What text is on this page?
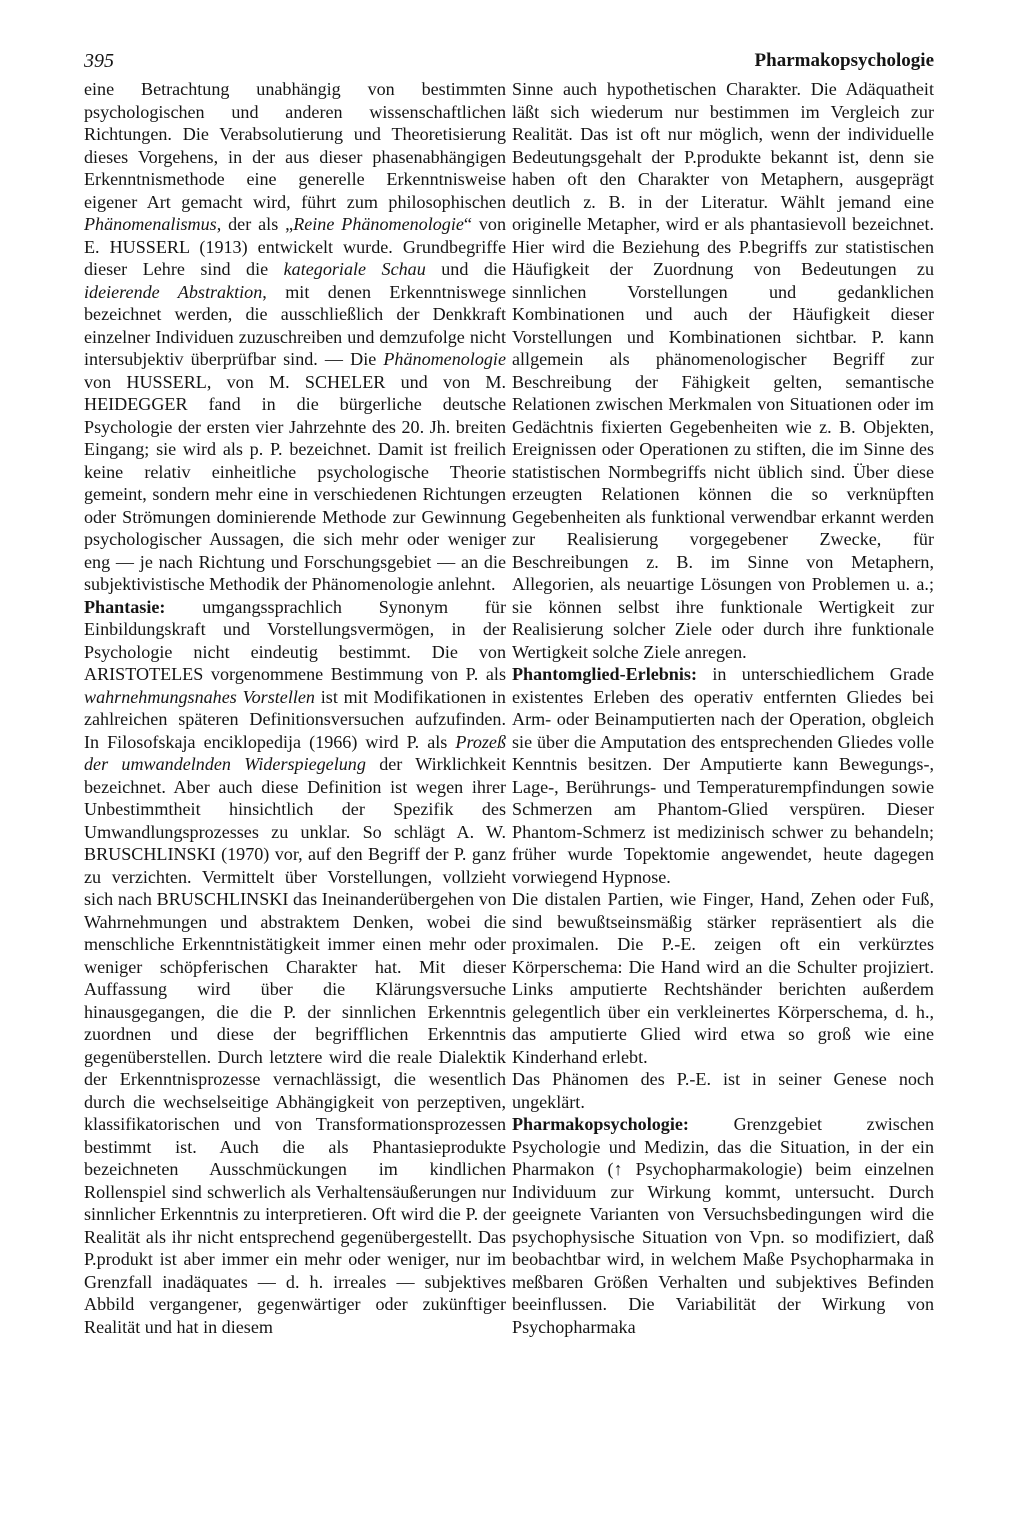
395	Pharmakopsychologie

eine Betrachtung unabhängig von bestimmten psychologischen und anderen wissenschaftlichen Richtungen. Die Verabsolutierung und Theoretisierung dieses Vorgehens, in der aus dieser phasenabhängigen Erkenntnismethode eine generelle Erkenntnisweise eigener Art gemacht wird, führt zum philosophischen Phänomenalismus, der als „Reine Phänomenologie“ von E. HUSSERL (1913) entwickelt wurde. Grundbegriffe dieser Lehre sind die kategoriale Schau und die ideierende Abstraktion, mit denen Erkenntniswege bezeichnet werden, die ausschließlich der Denkkraft einzelner Individuen zuzuschreiben und demzufolge nicht intersubjektiv überprüfbar sind. — Die Phänomenologie von HUSSERL, von M. SCHELER und von M. HEIDEGGER fand in die bürgerliche deutsche Psychologie der ersten vier Jahrzehnte des 20. Jh. breiten Eingang; sie wird als p. P. bezeichnet. Damit ist freilich keine relativ einheitliche psychologische Theorie gemeint, sondern mehr eine in verschiedenen Richtungen oder Strömungen dominierende Methode zur Gewinnung psychologischer Aussagen, die sich mehr oder weniger eng — je nach Richtung und Forschungsgebiet — an die subjektivistische Methodik der Phänomenologie anlehnt.

Phantasie: umgangssprachlich Synonym für Einbildungskraft und Vorstellungsvermögen, in der Psychologie nicht eindeutig bestimmt. Die von ARISTOTELES vorgenommene Bestimmung von P. als wahrnehmungsnahes Vorstellen ist mit Modifikationen in zahlreichen späteren Definitionsversuchen aufzufinden. In Filosofskaja enciklopedija (1966) wird P. als Prozeß der umwandelnden Widerspiegelung der Wirklichkeit bezeichnet. Aber auch diese Definition ist wegen ihrer Unbestimmtheit hinsichtlich der Spezifik des Umwandlungsprozesses zu unklar. So schlägt A. W. BRUSCHLINSKI (1970) vor, auf den Begriff der P. ganz zu verzichten. Vermittelt über Vorstellungen, vollzieht sich nach BRUSCHLINSKI das Ineinanderübergehen von Wahrnehmungen und abstraktem Denken, wobei die menschliche Erkenntnistätigkeit immer einen mehr oder weniger schöpferischen Charakter hat. Mit dieser Auffassung wird über die Klärungsversuche hinausgegangen, die die P. der sinnlichen Erkenntnis zuordnen und diese der begrifflichen Erkenntnis gegenüberstellen. Durch letztere wird die reale Dialektik der Erkenntnisprozesse vernachlässigt, die wesentlich durch die wechselseitige Abhängigkeit von perzeptiven, klassifikatorischen und von Transformationsprozessen bestimmt ist. Auch die als Phantasieprodukte bezeichneten Ausschmückungen im kindlichen Rollenspiel sind schwerlich als Verhaltensäußerungen nur sinnlicher Erkenntnis zu interpretieren. Oft wird die P. der Realität als ihr nicht entsprechend gegenübergestellt. Das P.produkt ist aber immer ein mehr oder weniger, nur im Grenzfall inadäquates — d. h. irreales — subjektives Abbild vergangener, gegenwärtiger oder zukünftiger Realität und hat in diesem

Sinne auch hypothetischen Charakter. Die Adäquatheit läßt sich wiederum nur bestimmen im Vergleich zur Realität. Das ist oft nur möglich, wenn der individuelle Bedeutungsgehalt der P.produkte bekannt ist, denn sie haben oft den Charakter von Metaphern, ausgeprägt deutlich z. B. in der Literatur. Wählt jemand eine originelle Metapher, wird er als phantasievoll bezeichnet. Hier wird die Beziehung des P.begriffs zur statistischen Häufigkeit der Zuordnung von Bedeutungen zu sinnlichen Vorstellungen und gedanklichen Kombinationen und auch der Häufigkeit dieser Vorstellungen und Kombinationen sichtbar. P. kann allgemein als phänomenologischer Begriff zur Beschreibung der Fähigkeit gelten, semantische Relationen zwischen Merkmalen von Situationen oder im Gedächtnis fixierten Gegebenheiten wie z. B. Objekten, Ereignissen oder Operationen zu stiften, die im Sinne des statistischen Normbegriffs nicht üblich sind. Über diese erzeugten Relationen können die so verknüpften Gegebenheiten als funktional verwendbar erkannt werden zur Realisierung vorgegebener Zwecke, für Beschreibungen z. B. im Sinne von Metaphern, Allegorien, als neuartige Lösungen von Problemen u. a.; sie können selbst ihre funktionale Wertigkeit zur Realisierung solcher Ziele oder durch ihre funktionale Wertigkeit solche Ziele anregen.

Phantomglied-Erlebnis: in unterschiedlichem Grade existentes Erleben des operativ entfernten Gliedes bei Arm- oder Beinamputierten nach der Operation, obgleich sie über die Amputation des entsprechenden Gliedes volle Kenntnis besitzen. Der Amputierte kann Bewegungs-, Lage-, Berührungs- und Temperaturempfindungen sowie Schmerzen am Phantom-Glied verspüren. Dieser Phantom-Schmerz ist medizinisch schwer zu behandeln; früher wurde Topektomie angewendet, heute dagegen vorwiegend Hypnose.

Die distalen Partien, wie Finger, Hand, Zehen oder Fuß, sind bewußtseinsmäßig stärker repräsentiert als die proximalen. Die P.-E. zeigen oft ein verkürztes Körperschema: Die Hand wird an die Schulter projiziert. Links amputierte Rechtshänder berichten außerdem gelegentlich über ein verkleinertes Körperschema, d. h., das amputierte Glied wird etwa so groß wie eine Kinderhand erlebt.

Das Phänomen des P.-E. ist in seiner Genese noch ungeklärt.

Pharmakopsychologie: Grenzgebiet zwischen Psychologie und Medizin, das die Situation, in der ein Pharmakon (↑ Psychopharmakologie) beim einzelnen Individuum zur Wirkung kommt, untersucht. Durch geeignete Varianten von Versuchsbedingungen wird die psychophysische Situation von Vpn. so modifiziert, daß beobachtbar wird, in welchem Maße Psychopharmaka in meßbaren Größen Verhalten und subjektives Befinden beeinflussen. Die Variabilität der Wirkung von Psychopharmaka
